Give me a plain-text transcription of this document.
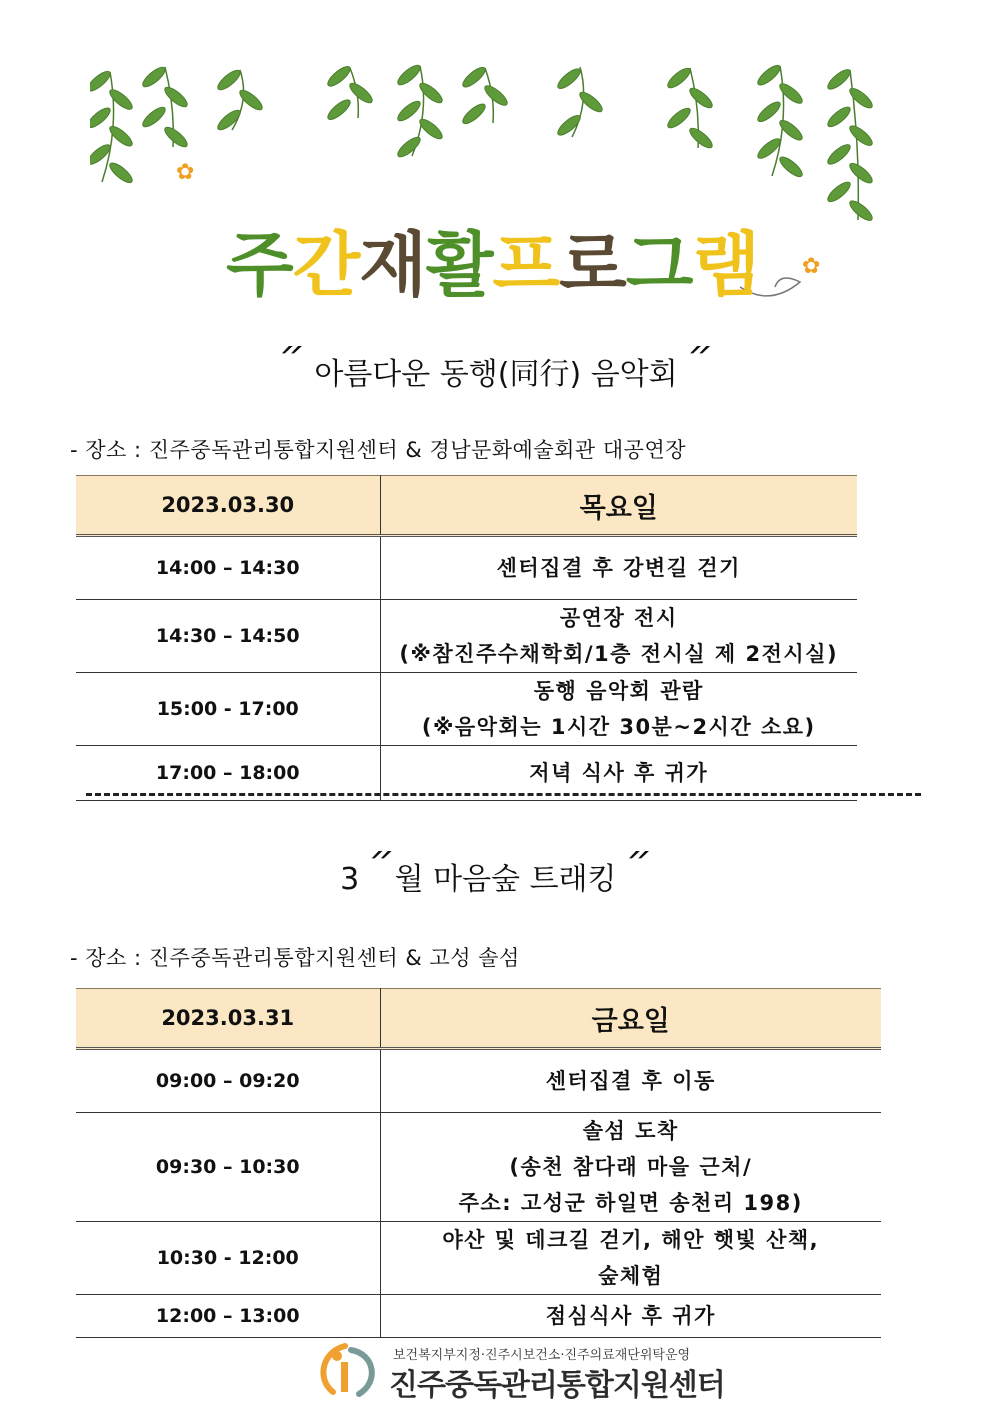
주간재활프로그램
✿
✿
״ 아름다운 동행(同行) 음악회 ״
- 장소 : 진주중독관리통합지원센터 & 경남문화예술회관 대공연장
2023.03.30	목요일
14:00 – 14:30	센터집결 후 강변길 걷기

14:30 – 14:50	공연장 전시
(※참진주수채학회/1층 전시실 제 2전시실)

15:00 - 17:00	동행 음악회 관람
(※음악회는 1시간 30분~2시간 소요)

17:00 – 18:00	저녁 식사 후 귀가
״ 3월 마음숲 트래킹 ״
- 장소 : 진주중독관리통합지원센터 & 고성 솔섬
2023.03.31	금요일
09:00 – 09:20	센터집결 후 이동

09:30 – 10:30	솔섬 도착
(송천 참다래 마을 근처/
주소: 고성군 하일면 송천리 198)

10:30 - 12:00	야산 및 데크길 걷기, 해안 햇빛 산책,
숲체험

12:00 – 13:00	점심식사 후 귀가
보건복지부지정·진주시보건소·진주의료재단위탁운영
진주중독관리통합지원센터
